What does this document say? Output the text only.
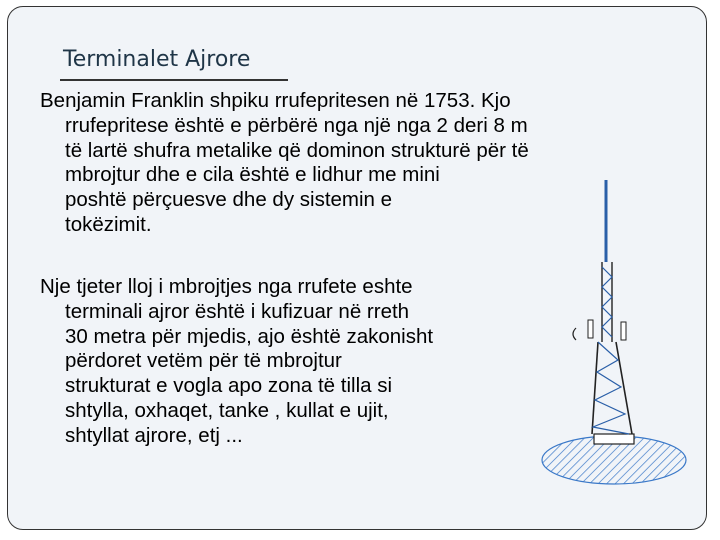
Terminalet Ajrore

Benjamin Franklin shpiku rrufepritesen në 1753. Kjo
rrufepritese është e përbërë nga një nga 2 deri 8 m
të lartë shufra metalike që dominon strukturë për të
mbrojtur dhe e cila është e lidhur me mini
poshtë përçuesve dhe dy sistemin e
tokëzimit.

Nje tjeter lloj i mbrojtjes nga rrufete eshte
terminali ajror është i kufizuar në rreth
30 metra për mjedis, ajo është zakonisht
përdoret vetëm për të mbrojtur
strukturat e vogla apo zona të tilla si
shtylla, oxhaqet, tanke , kullat e ujit,
shtyllat ajrore, etj ...
